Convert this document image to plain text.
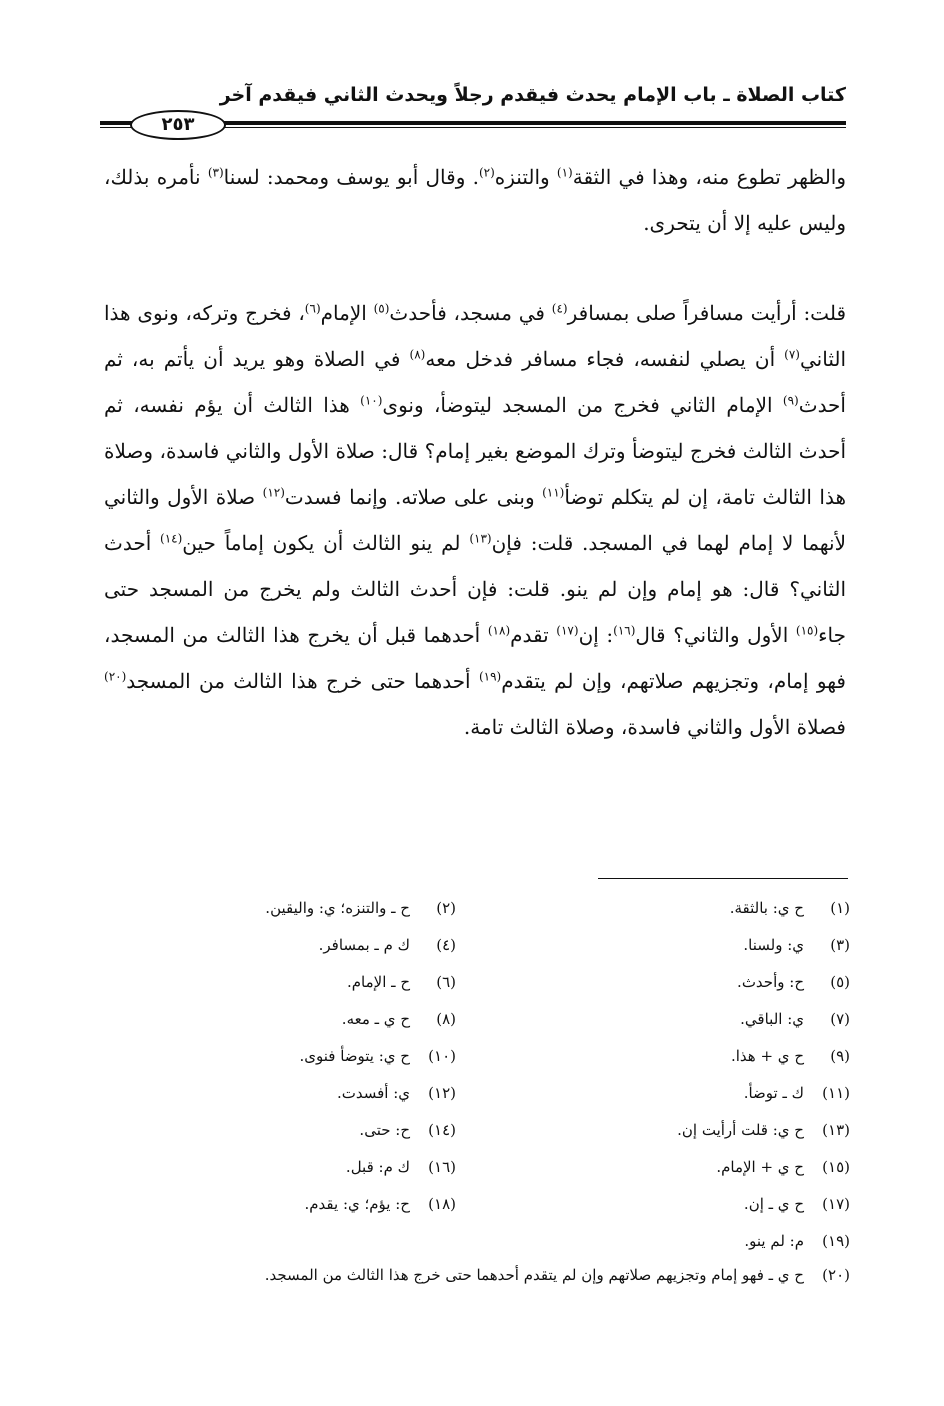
كتاب الصلاة ـ باب الإمام يحدث فيقدم رجلاً ويحدث الثاني فيقدم آخر
٢٥٣

والظهر تطوع منه، وهذا في الثقة$^{(١)}$ والتنزه$^{(٢)}$. وقال أبو يوسف ومحمد: لسنا$^{(٣)}$ نأمره بذلك، وليس عليه إلا أن يتحرى.

قلت: أرأيت مسافراً صلى بمسافر$^{(٤)}$ في مسجد، فأحدث$^{(٥)}$ الإمام$^{(٦)}$، فخرج وتركه، ونوى هذا الثاني$^{(٧)}$ أن يصلي لنفسه، فجاء مسافر فدخل معه$^{(٨)}$ في الصلاة وهو يريد أن يأتم به، ثم أحدث$^{(٩)}$ الإمام الثاني فخرج من المسجد ليتوضأ، ونوى$^{(١٠)}$ هذا الثالث أن يؤم نفسه، ثم أحدث الثالث فخرج ليتوضأ وترك الموضع بغير إمام؟ قال: صلاة الأول والثاني فاسدة، وصلاة هذا الثالث تامة، إن لم يتكلم توضأ$^{(١١)}$ وبنى على صلاته. وإنما فسدت$^{(١٢)}$ صلاة الأول والثاني لأنهما لا إمام لهما في المسجد. قلت: فإن$^{(١٣)}$ لم ينو الثالث أن يكون إماماً حين$^{(١٤)}$ أحدث الثاني؟ قال: هو إمام وإن لم ينو. قلت: فإن أحدث الثالث ولم يخرج من المسجد حتى جاء$^{(١٥)}$ الأول والثاني؟ قال$^{(١٦)}$: إن$^{(١٧)}$ تقدم$^{(١٨)}$ أحدهما قبل أن يخرج هذا الثالث من المسجد، فهو إمام، وتجزيهم صلاتهم، وإن لم يتقدم$^{(١٩)}$ أحدهما حتى خرج هذا الثالث من المسجد$^{(٢٠)}$ فصلاة الأول والثاني فاسدة، وصلاة الثالث تامة.

(١)ح ي: بالثقة.
(٢)ح ـ والتنزه؛ ي: واليقين.
(٣)ي: ولسنا.
(٤)ك م ـ بمسافر.
(٥)ح: وأحدث.
(٦)ح ـ الإمام.
(٧)ي: الباقي.
(٨)ح ي ـ معه.
(٩)ح ي + هذا.
(١٠)ح ي: يتوضأ فنوى.
(١١)ك ـ توضأ.
(١٢)ي: أفسدت.
(١٣)ح ي: قلت أرأيت إن.
(١٤)ح: حتى.
(١٥)ح ي + الإمام.
(١٦)ك م: قبل.
(١٧)ح ي ـ إن.
(١٨)ح: يؤم؛ ي: يقدم.
(١٩)م: لم ينو.
(٢٠)ح ي ـ فهو إمام وتجزيهم صلاتهم وإن لم يتقدم أحدهما حتى خرج هذا الثالث من المسجد.
